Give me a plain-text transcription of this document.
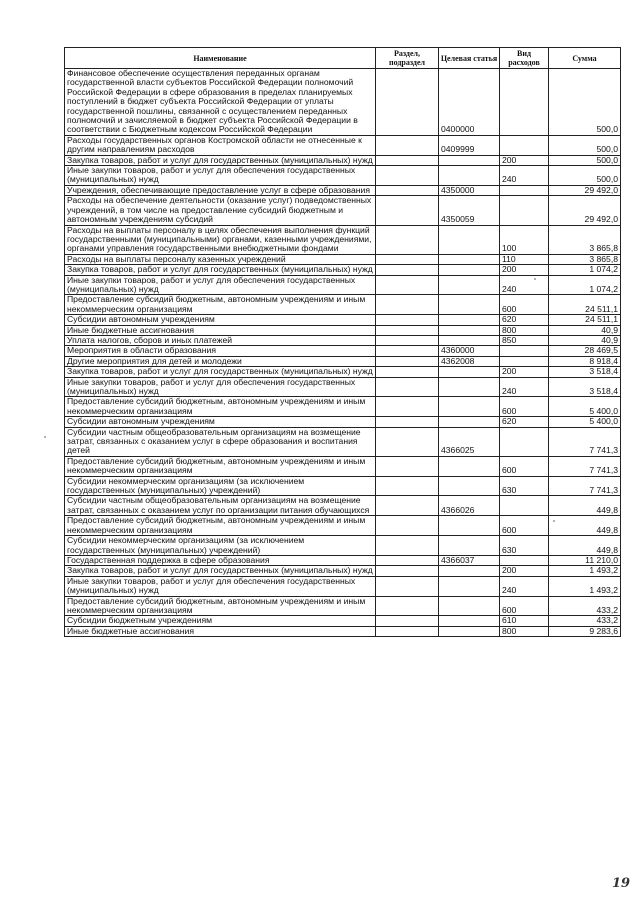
Наименование	Раздел, подраздел	Целевая статья	Вид расходов	Сумма
Финансовое обеспечение осуществления переданных органам государственной власти субъектов Российской Федерации полномочий Российской Федерации в сфере образования в пределах планируемых поступлений в бюджет субъекта Российской Федерации от уплаты государственной пошлины, связанной с осуществлением переданных полномочий и зачисляемой в бюджет субъекта Российской Федерации в соответствии с Бюджетным кодексом Российской Федерации		0400000		500,0
Расходы государственных органов Костромской области не отнесенные к другим направлениям расходов		0409999		500,0
Закупка товаров, работ и услуг для государственных (муниципальных) нужд			200	500,0
Иные закупки товаров, работ и услуг для обеспечения государственных (муниципальных) нужд			240	500,0
Учреждения, обеспечивающие предоставление услуг в сфере образования		4350000		29 492,0
Расходы на обеспечение деятельности (оказание услуг) подведомственных учреждений, в том числе на предоставление субсидий бюджетным и автономным учреждениям субсидий		4350059		29 492,0
Расходы на выплаты персоналу в целях обеспечения выполнения функций государственными (муниципальными) органами, казенными учреждениями, органами управления государственными внебюджетными фондами			100	3 865,8
Расходы на выплаты персоналу казенных учреждений			110	3 865,8
Закупка товаров, работ и услуг для государственных (муниципальных) нужд			200	1 074,2
Иные закупки товаров, работ и услуг для обеспечения государственных (муниципальных) нужд			240	1 074,2
Предоставление субсидий бюджетным, автономным учреждениям и иным некоммерческим организациям			600	24 511,1
Субсидии автономным учреждениям			620	24 511,1
Иные бюджетные ассигнования			800	40,9
Уплата налогов, сборов и иных платежей			850	40,9
Мероприятия в области образования		4360000		28 469,5
Другие мероприятия для детей и молодежи		4362008		8 918,4
Закупка товаров, работ и услуг для государственных (муниципальных) нужд			200	3 518,4
Иные закупки товаров, работ и услуг для обеспечения государственных (муниципальных) нужд			240	3 518,4
Предоставление субсидий бюджетным, автономным учреждениям и иным некоммерческим организациям			600	5 400,0
Субсидии автономным учреждениям			620	5 400,0
Субсидии частным общеобразовательным организациям на возмещение затрат, связанных с оказанием услуг в сфере образования и воспитания детей		4366025		7 741,3
Предоставление субсидий бюджетным, автономным учреждениям и иным некоммерческим организациям			600	7 741,3
Субсидии некоммерческим организациям (за исключением государственных (муниципальных) учреждений)			630	7 741,3
Субсидии частным общеобразовательным организациям на возмещение затрат, связанных с оказанием услуг по организации питания обучающихся		4366026		449,8
Предоставление субсидий бюджетным, автономным учреждениям и иным некоммерческим организациям			600	449,8
Субсидии некоммерческим организациям (за исключением государственных (муниципальных) учреждений)			630	449,8
Государственная поддержка в сфере образования		4366037		11 210,0
Закупка товаров, работ и услуг для государственных (муниципальных) нужд			200	1 493,2
Иные закупки товаров, работ и услуг для обеспечения государственных (муниципальных) нужд			240	1 493,2
Предоставление субсидий бюджетным, автономным учреждениям и иным некоммерческим организациям			600	433,2
Субсидии бюджетным учреждениям			610	433,2
Иные бюджетные ассигнования			800	9 283,6
19
